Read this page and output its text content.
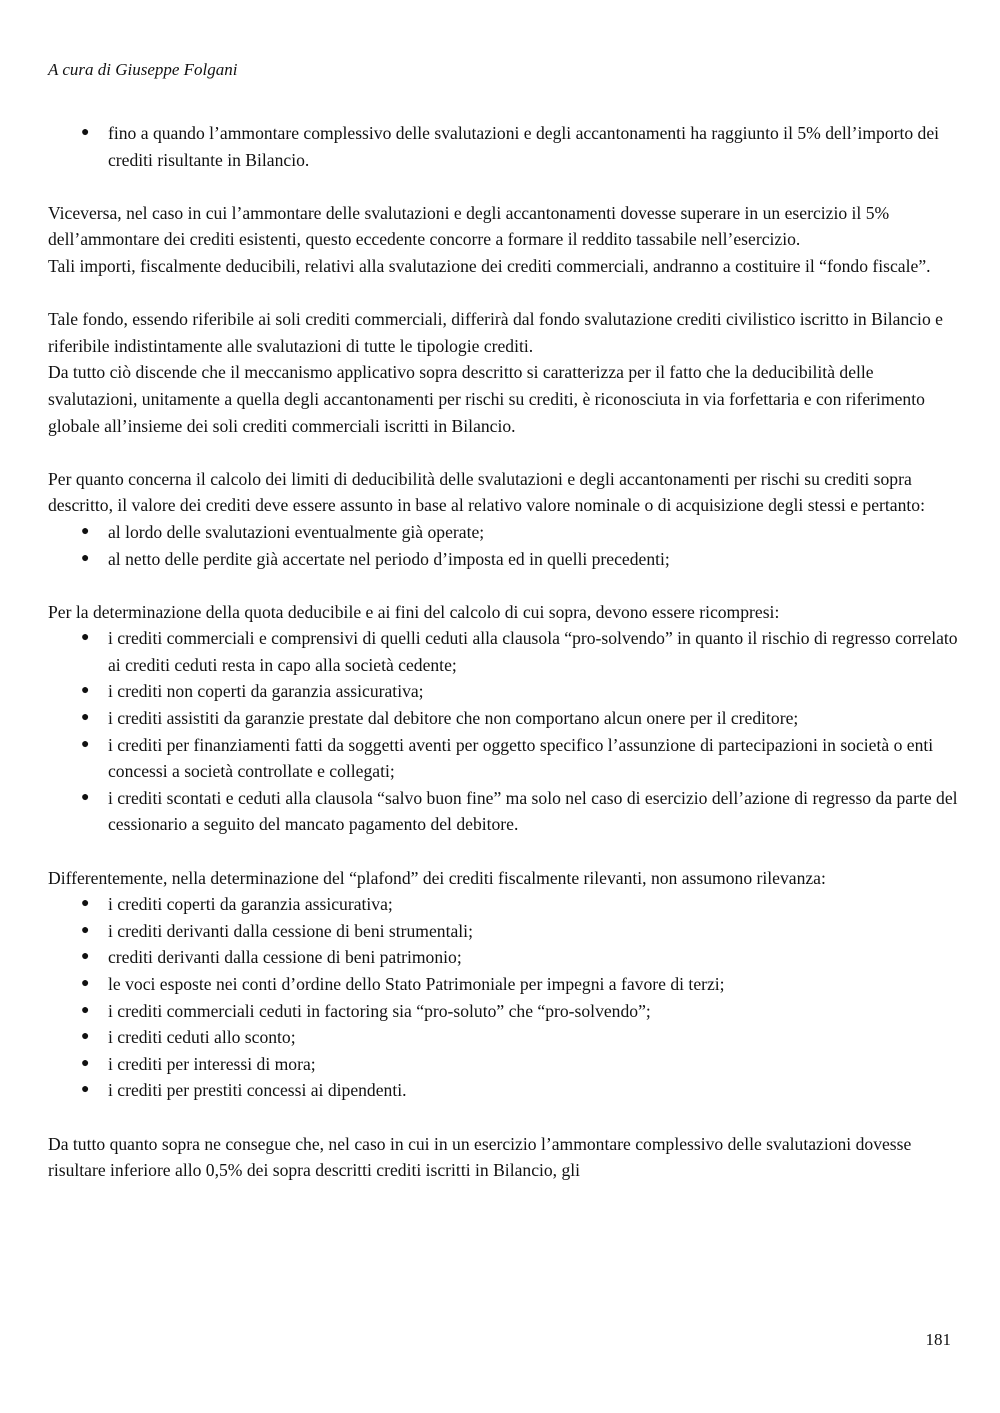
A cura di Giuseppe Folgani
● fino a quando l’ammontare complessivo delle svalutazioni e degli accantonamenti ha raggiunto il 5% dell’importo dei crediti risultante in Bilancio.

Viceversa, nel caso in cui l’ammontare delle svalutazioni e degli accantonamenti dovesse superare in un esercizio il 5% dell’ammontare dei crediti esistenti, questo eccedente concorre a formare il reddito tassabile nell’esercizio.

Tali importi, fiscalmente deducibili, relativi alla svalutazione dei crediti commerciali, andranno a costituire il “fondo fiscale”.

Tale fondo, essendo riferibile ai soli crediti commerciali, differirà dal fondo svalutazione crediti civilistico iscritto in Bilancio e riferibile indistintamente alle svalutazioni di tutte le tipologie crediti.

Da tutto ciò discende che il meccanismo applicativo sopra descritto si caratterizza per il fatto che la deducibilità delle svalutazioni, unitamente a quella degli accantonamenti per rischi su crediti, è riconosciuta in via forfettaria e con riferimento globale all’insieme dei soli crediti commerciali iscritti in Bilancio.

Per quanto concerna il calcolo dei limiti di deducibilità delle svalutazioni e degli accantonamenti per rischi su crediti sopra descritto, il valore dei crediti deve essere assunto in base al relativo valore nominale o di acquisizione degli stessi e pertanto:

● al lordo delle svalutazioni eventualmente già operate;
● al netto delle perdite già accertate nel periodo d’imposta ed in quelli precedenti;

Per la determinazione della quota deducibile e ai fini del calcolo di cui sopra, devono essere ricompresi:

● i crediti commerciali e comprensivi di quelli ceduti alla clausola “pro-solvendo” in quanto il rischio di regresso correlato ai crediti ceduti resta in capo alla società cedente;
● i crediti non coperti da garanzia assicurativa;
● i crediti assistiti da garanzie prestate dal debitore che non comportano alcun onere per il creditore;
● i crediti per finanziamenti fatti da soggetti aventi per oggetto specifico l’assunzione di partecipazioni in società o enti concessi a società controllate e collegati;
● i crediti scontati e ceduti alla clausola “salvo buon fine” ma solo nel caso di esercizio dell’azione di regresso da parte del cessionario a seguito del mancato pagamento del debitore.

Differentemente, nella determinazione del “plafond” dei crediti fiscalmente rilevanti, non assumono rilevanza:

● i crediti coperti da garanzia assicurativa;
● i crediti derivanti dalla cessione di beni strumentali;
● crediti derivanti dalla cessione di beni patrimonio;
● le voci esposte nei conti d’ordine dello Stato Patrimoniale per impegni a favore di terzi;
● i crediti commerciali ceduti in factoring sia “pro-soluto” che “pro-solvendo”;
● i crediti ceduti allo sconto;
● i crediti per interessi di mora;
● i crediti per prestiti concessi ai dipendenti.

Da tutto quanto sopra ne consegue che, nel caso in cui in un esercizio l’ammontare complessivo delle svalutazioni dovesse risultare inferiore allo 0,5% dei sopra descritti crediti iscritti in Bilancio, gli

181
